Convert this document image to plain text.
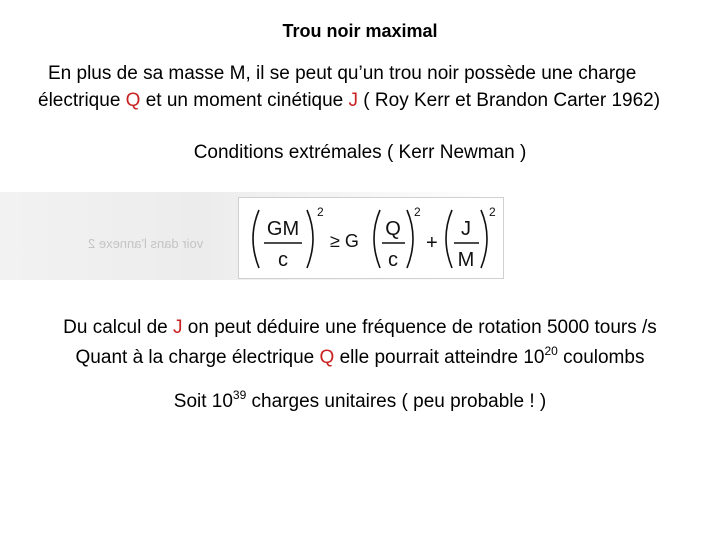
Trou noir maximal
En plus de sa masse M, il se peut qu’un trou noir possède une charge
électrique Q et un moment cinétique J ( Roy Kerr et Brandon Carter 1962)
Conditions extrémales ( Kerr Newman )
voir dans l'annexe 2
GM
c
2
≥ G
Q
c
2
+
J
M
2
Du calcul de J on peut déduire une fréquence de rotation 5000 tours /s
Quant à la charge électrique Q elle pourrait atteindre $10^{20}$ coulombs
Soit $10^{39}$ charges unitaires ( peu probable ! )
